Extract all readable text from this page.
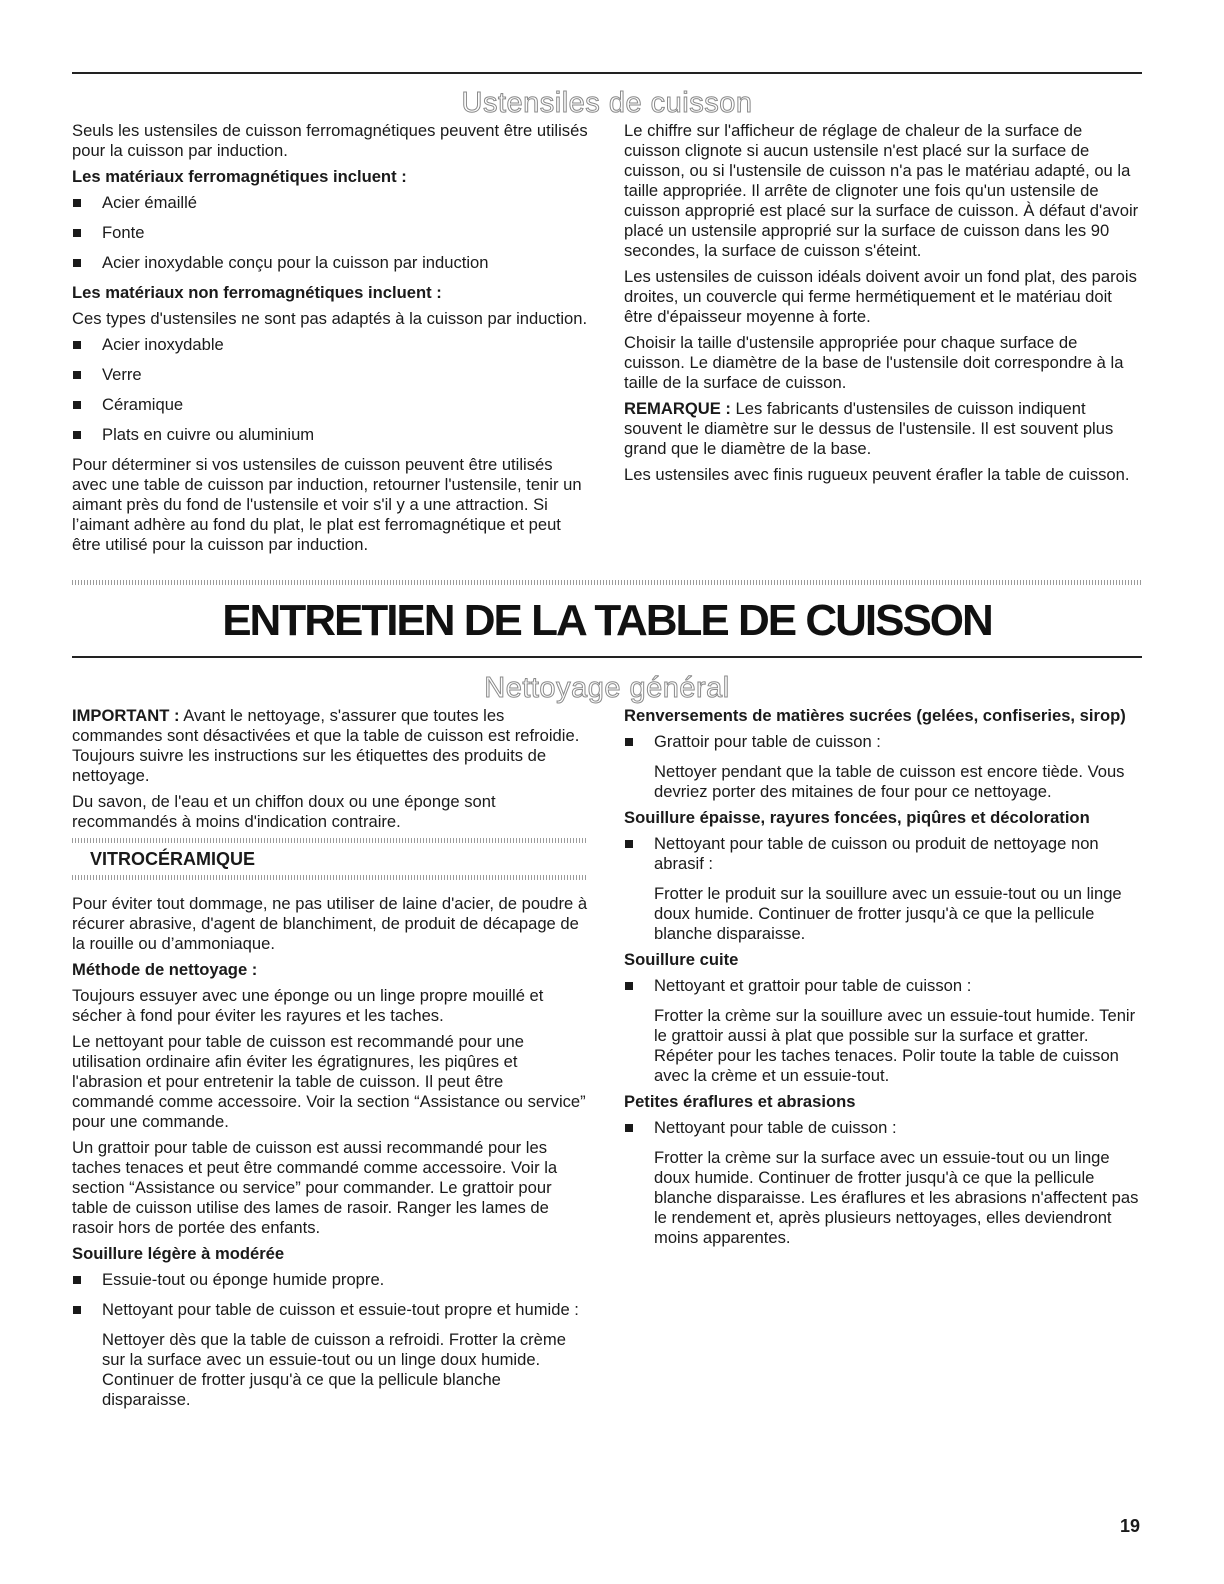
Ustensiles de cuisson

Seuls les ustensiles de cuisson ferromagnétiques peuvent être utilisés pour la cuisson par induction.

Les matériaux ferromagnétiques incluent :
Acier émaillé
Fonte
Acier inoxydable conçu pour la cuisson par induction
Les matériaux non ferromagnétiques incluent :

Ces types d'ustensiles ne sont pas adaptés à la cuisson par induction.

Acier inoxydable
Verre
Céramique
Plats en cuivre ou aluminium

Pour déterminer si vos ustensiles de cuisson peuvent être utilisés avec une table de cuisson par induction, retourner l'ustensile, tenir un aimant près du fond de l'ustensile et voir s'il y a une attraction. Si l’aimant adhère au fond du plat, le plat est ferromagnétique et peut être utilisé pour la cuisson par induction.

Le chiffre sur l'afficheur de réglage de chaleur de la surface de cuisson clignote si aucun ustensile n'est placé sur la surface de cuisson, ou si l'ustensile de cuisson n'a pas le matériau adapté, ou la taille appropriée. Il arrête de clignoter une fois qu'un ustensile de cuisson approprié est placé sur la surface de cuisson. À défaut d'avoir placé un ustensile approprié sur la surface de cuisson dans les 90 secondes, la surface de cuisson s'éteint.

Les ustensiles de cuisson idéals doivent avoir un fond plat, des parois droites, un couvercle qui ferme hermétiquement et le matériau doit être d'épaisseur moyenne à forte.

Choisir la taille d'ustensile appropriée pour chaque surface de cuisson. Le diamètre de la base de l'ustensile doit correspondre à la taille de la surface de cuisson.

REMARQUE : Les fabricants d'ustensiles de cuisson indiquent souvent le diamètre sur le dessus de l'ustensile. Il est souvent plus grand que le diamètre de la base.

Les ustensiles avec finis rugueux peuvent érafler la table de cuisson.

ENTRETIEN DE LA TABLE DE CUISSON
Nettoyage général

IMPORTANT : Avant le nettoyage, s'assurer que toutes les commandes sont désactivées et que la table de cuisson est refroidie. Toujours suivre les instructions sur les étiquettes des produits de nettoyage.

Du savon, de l'eau et un chiffon doux ou une éponge sont recommandés à moins d'indication contraire.

VITROCÉRAMIQUE

Pour éviter tout dommage, ne pas utiliser de laine d'acier, de poudre à récurer abrasive, d'agent de blanchiment, de produit de décapage de la rouille ou d’ammoniaque.

Méthode de nettoyage :

Toujours essuyer avec une éponge ou un linge propre mouillé et sécher à fond pour éviter les rayures et les taches.

Le nettoyant pour table de cuisson est recommandé pour une utilisation ordinaire afin éviter les égratignures, les piqûres et l'abrasion et pour entretenir la table de cuisson. Il peut être commandé comme accessoire. Voir la section “Assistance ou service” pour une commande.

Un grattoir pour table de cuisson est aussi recommandé pour les taches tenaces et peut être commandé comme accessoire. Voir la section “Assistance ou service” pour commander. Le grattoir pour table de cuisson utilise des lames de rasoir. Ranger les lames de rasoir hors de portée des enfants.

Souillure légère à modérée
Essuie-tout ou éponge humide propre.
Nettoyant pour table de cuisson et essuie-tout propre et humide :

Nettoyer dès que la table de cuisson a refroidi. Frotter la crème sur la surface avec un essuie-tout ou un linge doux humide. Continuer de frotter jusqu'à ce que la pellicule blanche disparaisse.

Renversements de matières sucrées (gelées, confiseries, sirop)
Grattoir pour table de cuisson :

Nettoyer pendant que la table de cuisson est encore tiède. Vous devriez porter des mitaines de four pour ce nettoyage.

Souillure épaisse, rayures foncées, piqûres et décoloration
Nettoyant pour table de cuisson ou produit de nettoyage non abrasif :

Frotter le produit sur la souillure avec un essuie-tout ou un linge doux humide. Continuer de frotter jusqu'à ce que la pellicule blanche disparaisse.

Souillure cuite
Nettoyant et grattoir pour table de cuisson :

Frotter la crème sur la souillure avec un essuie-tout humide. Tenir le grattoir aussi à plat que possible sur la surface et gratter. Répéter pour les taches tenaces. Polir toute la table de cuisson avec la crème et un essuie-tout.

Petites éraflures et abrasions
Nettoyant pour table de cuisson :

Frotter la crème sur la surface avec un essuie-tout ou un linge doux humide. Continuer de frotter jusqu'à ce que la pellicule blanche disparaisse. Les éraflures et les abrasions n'affectent pas le rendement et, après plusieurs nettoyages, elles deviendront moins apparentes.

19
